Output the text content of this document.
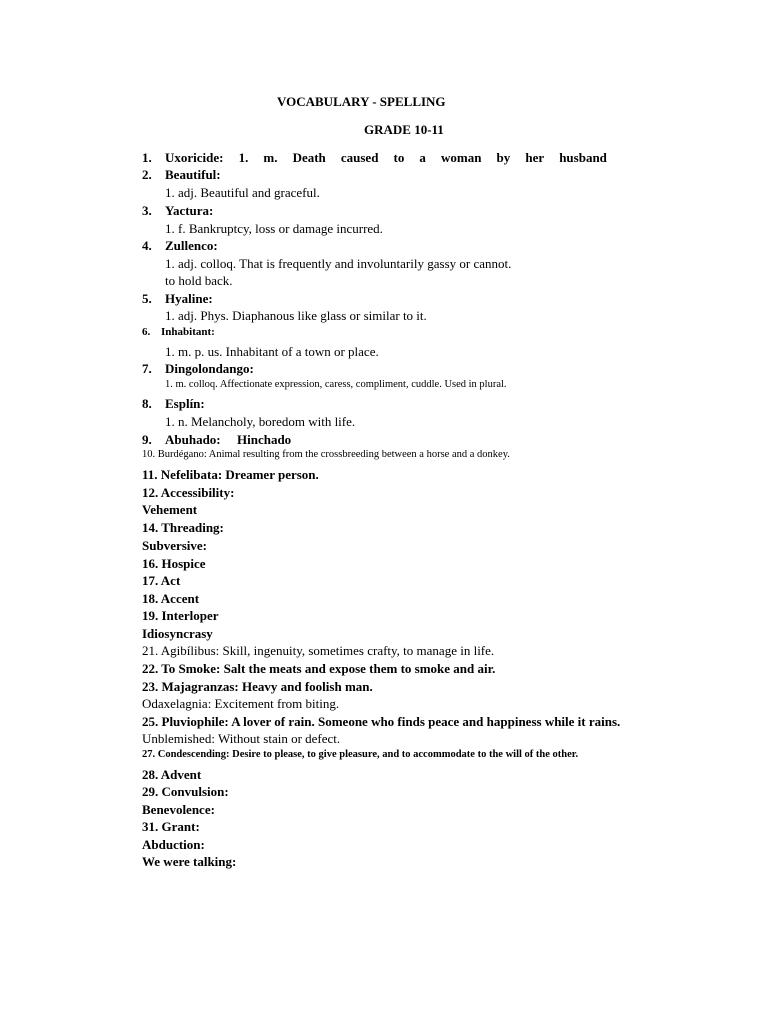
VOCABULARY - SPELLING
GRADE 10-11
1. Uxoricide: 1. m. Death caused to a woman by her husband
2. Beautiful:
1. adj. Beautiful and graceful.
3. Yactura:
1. f. Bankruptcy, loss or damage incurred.
4. Zullenco:
1. adj. colloq. That is frequently and involuntarily gassy or cannot.
to hold back.
5. Hyaline:
1. adj. Phys. Diaphanous like glass or similar to it.
6. Inhabitant:
1. m. p. us. Inhabitant of a town or place.
7. Dingolondango:
1. m. colloq. Affectionate expression, caress, compliment, cuddle. Used in plural.
8. Esplín:
1. n. Melancholy, boredom with life.
9. Abuhado: Hinchado
10. Burdégano: Animal resulting from the crossbreeding between a horse and a donkey.
11. Nefelibata: Dreamer person.
12. Accessibility:
Vehement
14. Threading:
Subversive:
16. Hospice
17. Act
18. Accent
19. Interloper
Idiosyncrasy
21. Agibílibus: Skill, ingenuity, sometimes crafty, to manage in life.
22. To Smoke: Salt the meats and expose them to smoke and air.
23. Majagranzas: Heavy and foolish man.
Odaxelagnia: Excitement from biting.
25. Pluviophile: A lover of rain. Someone who finds peace and happiness while it rains.
Unblemished: Without stain or defect.
27. Condescending: Desire to please, to give pleasure, and to accommodate to the will of the other.
28. Advent
29. Convulsion:
Benevolence:
31. Grant:
Abduction:
We were talking:
